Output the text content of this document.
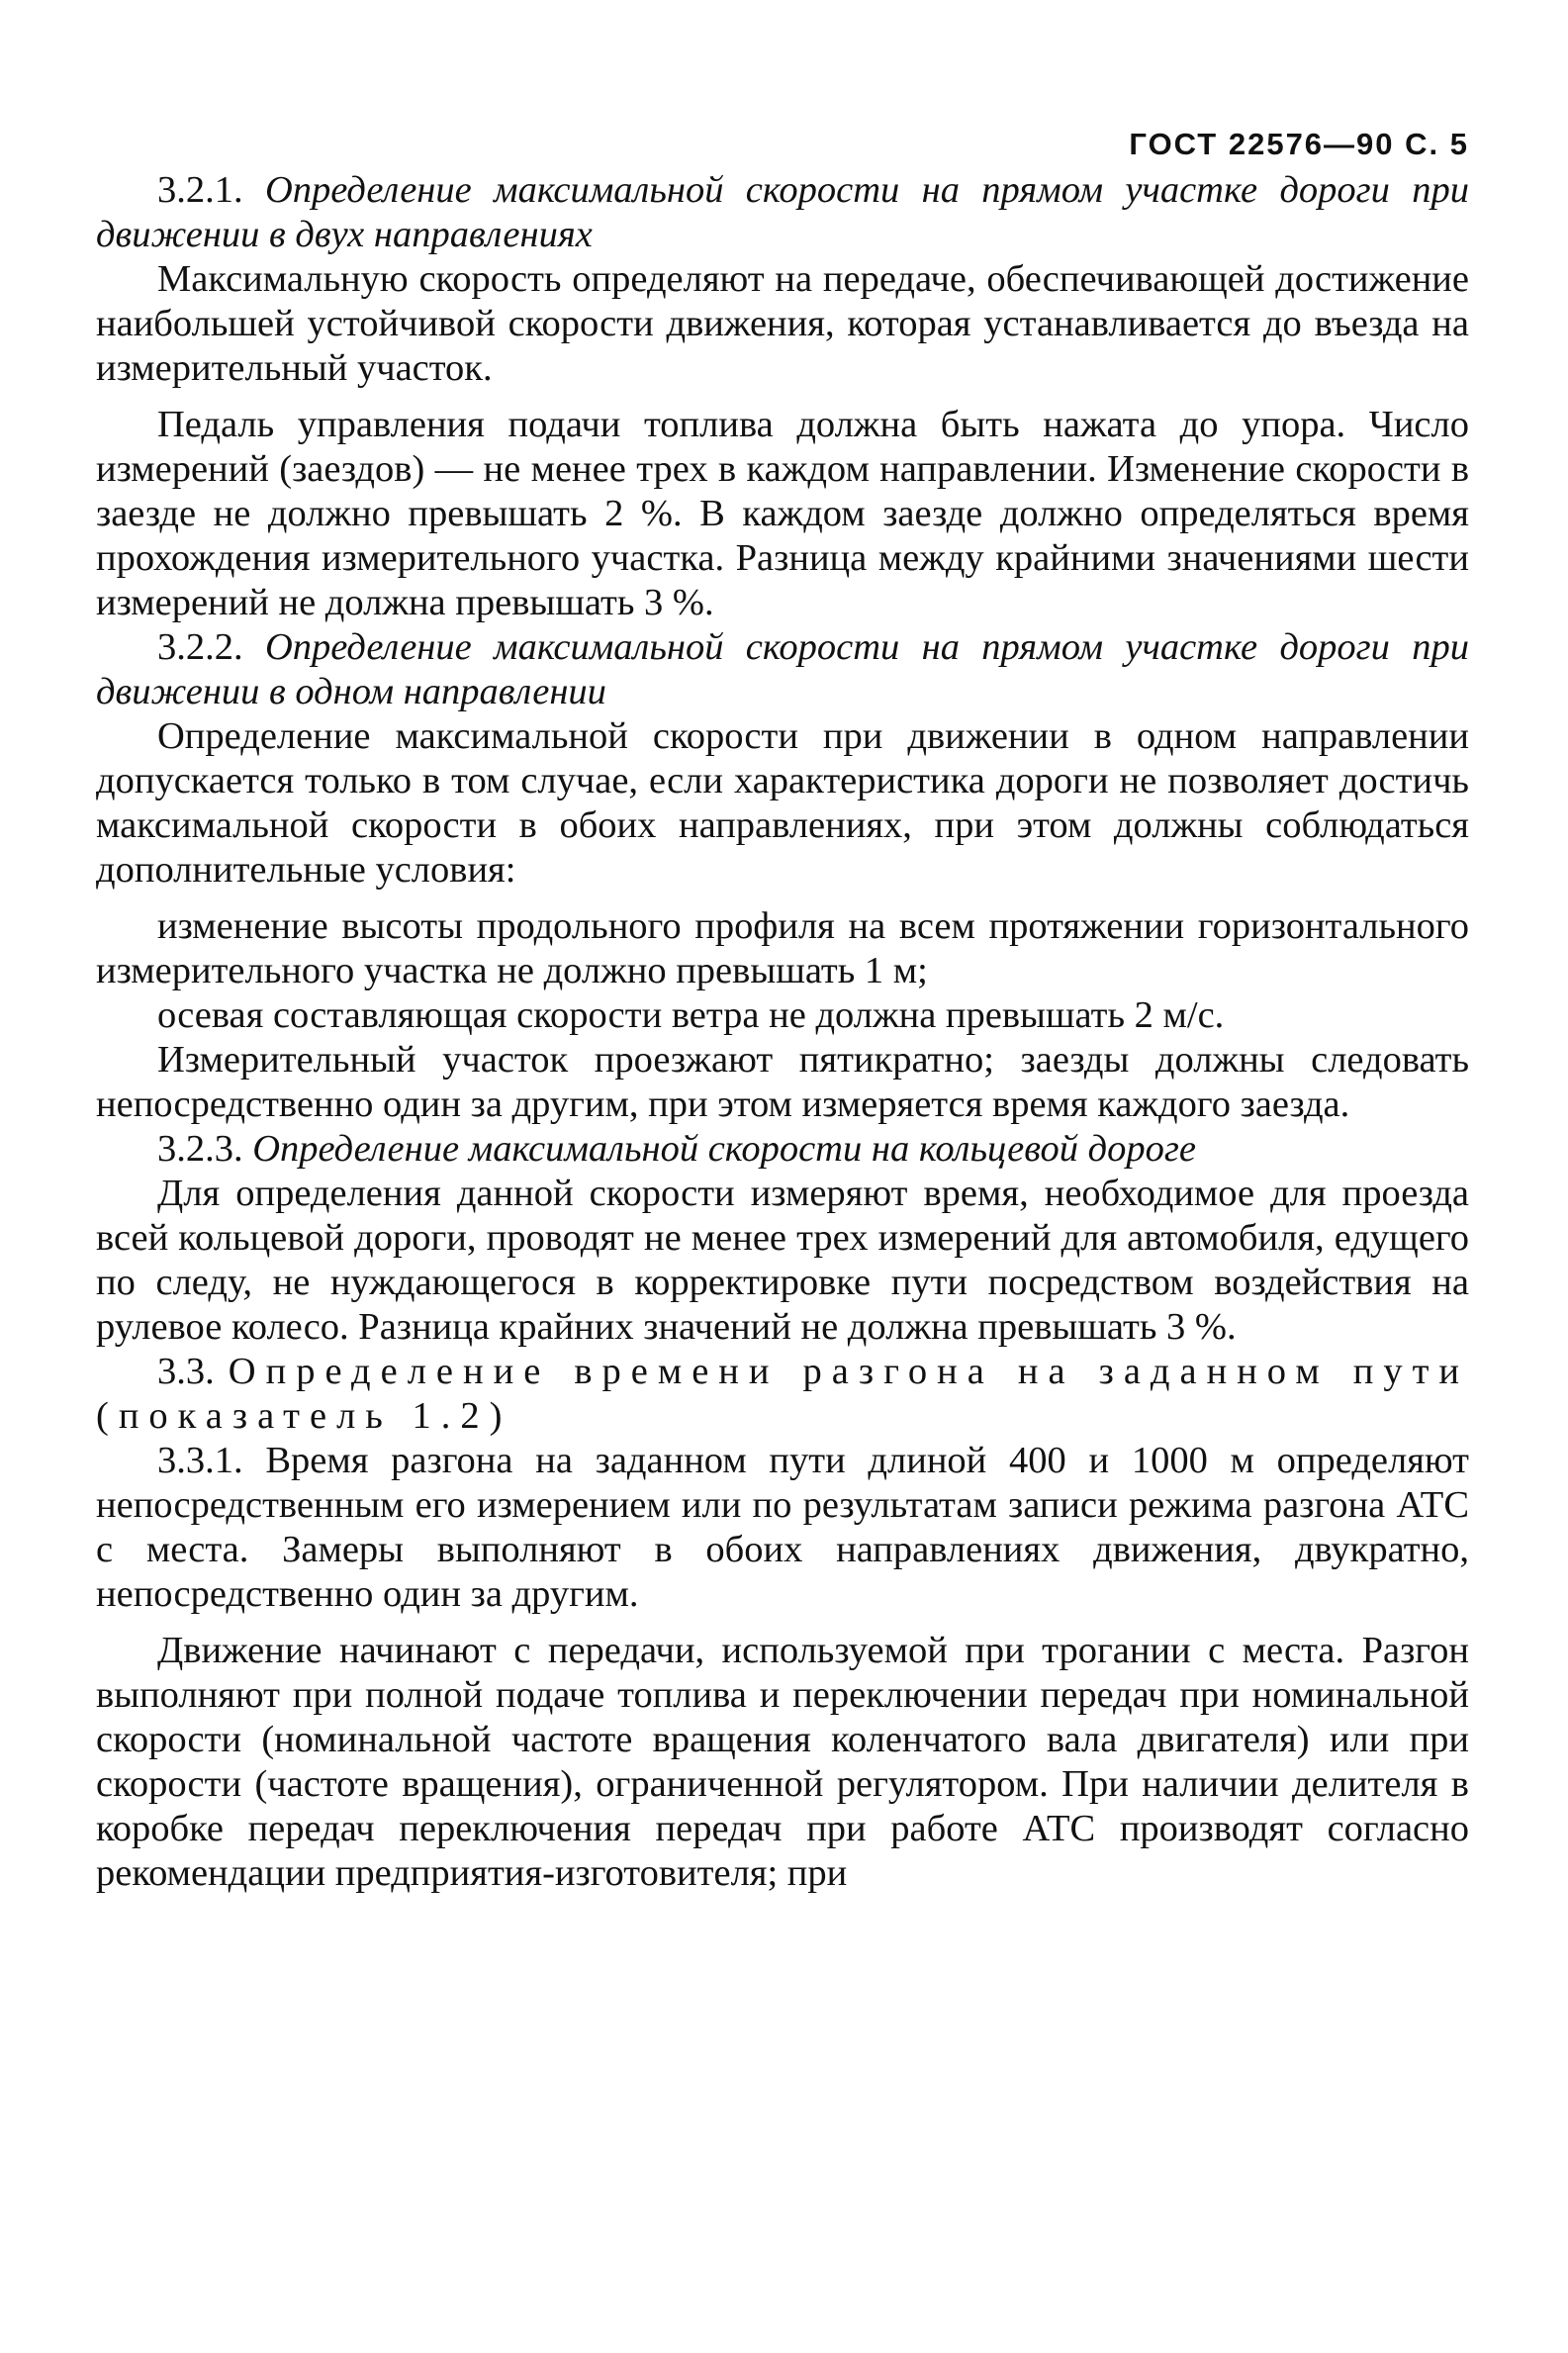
ГОСТ 22576—90 С. 5

3.2.1. Определение максимальной скорости на прямом участке дороги при движении в двух направлениях

Максимальную скорость определяют на передаче, обеспечивающей достижение наибольшей устойчивой скорости движения, которая устанавливается до въезда на измерительный участок.

Педаль управления подачи топлива должна быть нажата до упора. Число измерений (заездов) — не менее трех в каждом направлении. Изменение скорости в заезде не должно превышать 2 %. В каждом заезде должно определяться время прохождения измерительного участка. Разница между крайними значениями шести измерений не должна превышать 3 %.

3.2.2. Определение максимальной скорости на прямом участке дороги при движении в одном направлении

Определение максимальной скорости при движении в одном направлении допускается только в том случае, если характеристика дороги не позволяет достичь максимальной скорости в обоих направлениях, при этом должны соблюдаться дополнительные условия:

изменение высоты продольного профиля на всем протяжении горизонтального измерительного участка не должно превышать 1 м;

осевая составляющая скорости ветра не должна превышать 2 м/с.

Измерительный участок проезжают пятикратно; заезды должны следовать непосредственно один за другим, при этом измеряется время каждого заезда.

3.2.3. Определение максимальной скорости на кольцевой дороге

Для определения данной скорости измеряют время, необходимое для проезда всей кольцевой дороги, проводят не менее трех измерений для автомобиля, едущего по следу, не нуждающегося в корректировке пути посредством воздействия на рулевое колесо. Разница крайних значений не должна превышать 3 %.

3.3. Определение времени разгона на заданном пути (показатель 1.2)

3.3.1. Время разгона на заданном пути длиной 400 и 1000 м определяют непосредственным его измерением или по результатам записи режима разгона АТС с места. Замеры выполняют в обоих направлениях движения, двукратно, непосредственно один за другим.

Движение начинают с передачи, используемой при трогании с места. Разгон выполняют при полной подаче топлива и переключении передач при номинальной скорости (номинальной частоте вращения коленчатого вала двигателя) или при скорости (частоте вращения), ограниченной регулятором. При наличии делителя в коробке передач переключения передач при работе АТС производят согласно рекомендации предприятия-изготовителя; при
